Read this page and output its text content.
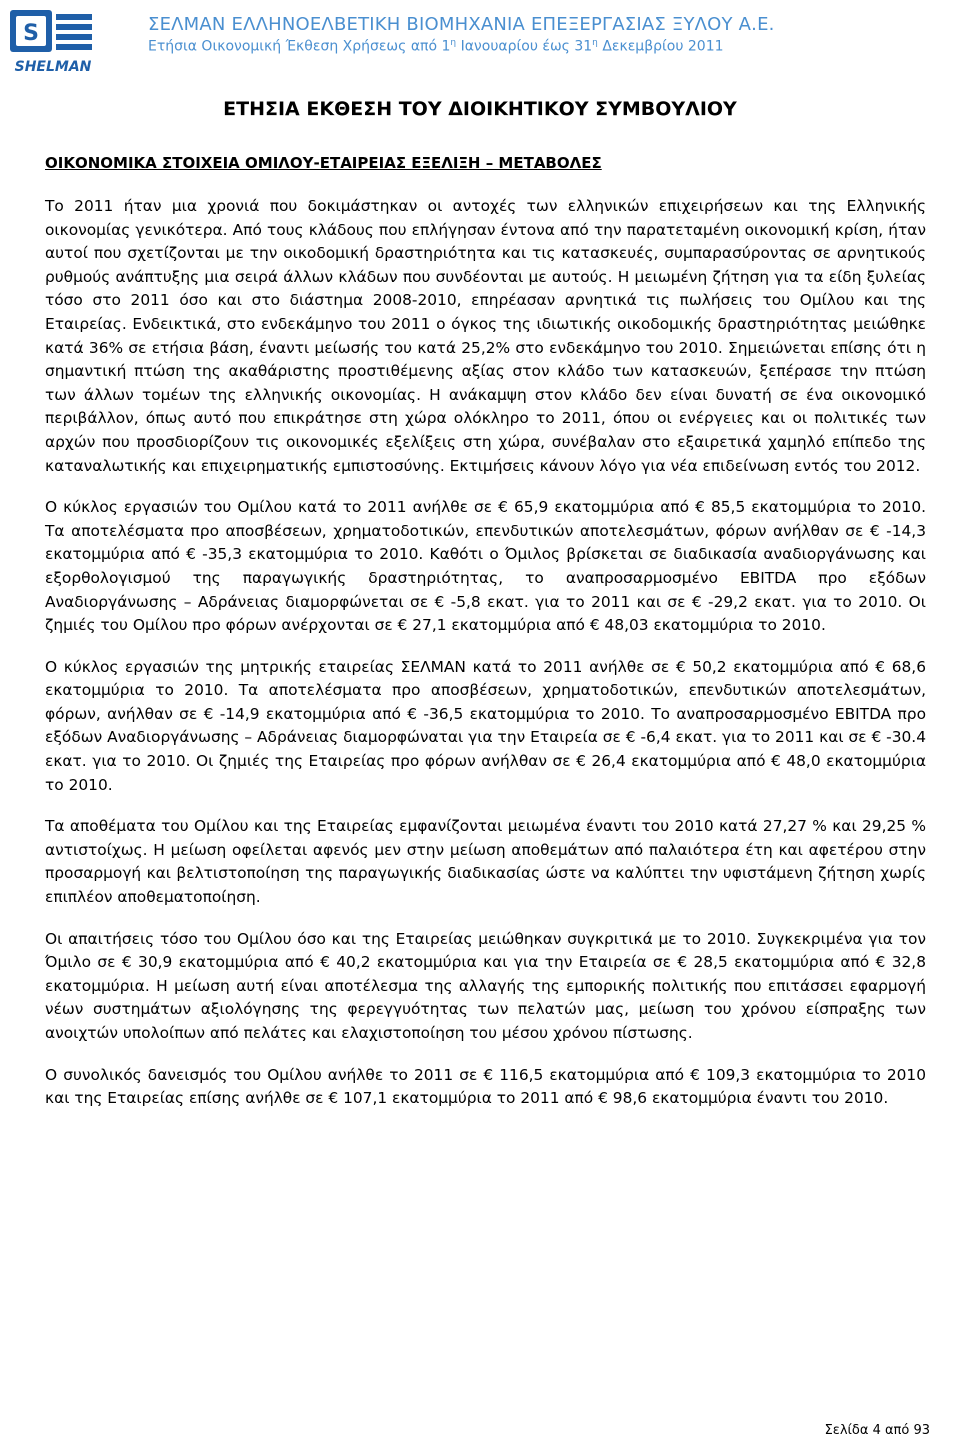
S
SHELMAN
ΣΕΛΜΑΝ ΕΛΛΗΝΟΕΛΒΕΤΙΚΗ ΒΙΟΜΗΧΑΝΙΑ ΕΠΕΞΕΡΓΑΣΙΑΣ ΞΥΛΟΥ Α.Ε.
Ετήσια Οικονομική Έκθεση Χρήσεως από $1^\eta$ Ιανουαρίου έως $31^\eta$ Δεκεμβρίου 2011
ΕΤΗΣΙΑ ΕΚΘΕΣΗ ΤΟΥ ΔΙΟΙΚΗΤΙΚΟΥ ΣΥΜΒΟΥΛΙΟΥ
ΟΙΚΟΝΟΜΙΚΑ ΣΤΟΙΧΕΙΑ ΟΜΙΛΟΥ-ΕΤΑΙΡΕΙΑΣ ΕΞΕΛΙΞΗ – ΜΕΤΑΒΟΛΕΣ

Το 2011 ήταν μια χρονιά που δοκιμάστηκαν οι αντοχές των ελληνικών επιχειρήσεων και της Ελληνικής οικονομίας γενικότερα. Από τους κλάδους που επλήγησαν έντονα από την παρατεταμένη οικονομική κρίση, ήταν αυτοί που σχετίζονται με την οικοδομική δραστηριότητα και τις κατασκευές, συμπαρασύροντας σε αρνητικούς ρυθμούς ανάπτυξης μια σειρά άλλων κλάδων που συνδέονται με αυτούς. Η μειωμένη ζήτηση για τα είδη ξυλείας τόσο στο 2011 όσο και στο διάστημα 2008-2010, επηρέασαν αρνητικά τις πωλήσεις του Ομίλου και της Εταιρείας. Ενδεικτικά, στο ενδεκάμηνο του 2011 ο όγκος της ιδιωτικής οικοδομικής δραστηριότητας μειώθηκε κατά 36% σε ετήσια βάση, έναντι μείωσής του κατά 25,2% στο ενδεκάμηνο του 2010. Σημειώνεται επίσης ότι η σημαντική πτώση της ακαθάριστης προστιθέμενης αξίας στον κλάδο των κατασκευών, ξεπέρασε την πτώση των άλλων τομέων της ελληνικής οικονομίας. Η ανάκαμψη στον κλάδο δεν είναι δυνατή σε ένα οικονομικό περιβάλλον, όπως αυτό που επικράτησε στη χώρα ολόκληρο το 2011, όπου οι ενέργειες και οι πολιτικές των αρχών που προσδιορίζουν τις οικονομικές εξελίξεις στη χώρα, συνέβαλαν στο εξαιρετικά χαμηλό επίπεδο της καταναλωτικής και επιχειρηματικής εμπιστοσύνης. Εκτιμήσεις κάνουν λόγο για νέα επιδείνωση εντός του 2012.

Ο κύκλος εργασιών του Ομίλου κατά το 2011 ανήλθε σε € 65,9 εκατομμύρια από € 85,5 εκατομμύρια το 2010. Τα αποτελέσματα προ αποσβέσεων, χρηματοδοτικών, επενδυτικών αποτελεσμάτων, φόρων ανήλθαν σε € -14,3 εκατομμύρια από € -35,3 εκατομμύρια το 2010. Καθότι ο Όμιλος βρίσκεται σε διαδικασία αναδιοργάνωσης και εξορθολογισμού της παραγωγικής δραστηριότητας, το αναπροσαρμοσμένο EBITDA προ εξόδων Αναδιοργάνωσης – Αδράνειας διαμορφώνεται σε € -5,8 εκατ. για το 2011 και σε € -29,2 εκατ. για το 2010. Οι ζημιές του Ομίλου προ φόρων ανέρχονται σε € 27,1 εκατομμύρια από € 48,03 εκατομμύρια το 2010.

Ο κύκλος εργασιών της μητρικής εταιρείας ΣΕΛΜΑΝ κατά το 2011 ανήλθε σε € 50,2 εκατομμύρια από € 68,6 εκατομμύρια το 2010. Τα αποτελέσματα προ αποσβέσεων, χρηματοδοτικών, επενδυτικών αποτελεσμάτων, φόρων, ανήλθαν σε € -14,9 εκατομμύρια από € -36,5 εκατομμύρια το 2010. Το αναπροσαρμοσμένο EBITDA προ εξόδων Αναδιοργάνωσης – Αδράνειας διαμορφώναται για την Εταιρεία σε € -6,4 εκατ. για το 2011 και σε € -30.4 εκατ. για το 2010. Οι ζημιές της Εταιρείας προ φόρων ανήλθαν σε € 26,4 εκατομμύρια από € 48,0 εκατομμύρια το 2010.

Τα αποθέματα του Ομίλου και της Εταιρείας εμφανίζονται μειωμένα έναντι του 2010 κατά 27,27 % και 29,25 % αντιστοίχως. Η μείωση οφείλεται αφενός μεν στην μείωση αποθεμάτων από παλαιότερα έτη και αφετέρου στην προσαρμογή και βελτιστοποίηση της παραγωγικής διαδικασίας ώστε να καλύπτει την υφιστάμενη ζήτηση χωρίς επιπλέον αποθεματοποίηση.

Οι απαιτήσεις τόσο του Ομίλου όσο και της Εταιρείας μειώθηκαν συγκριτικά με το 2010. Συγκεκριμένα για τον Όμιλο σε € 30,9 εκατομμύρια από € 40,2 εκατομμύρια και για την Εταιρεία σε € 28,5 εκατομμύρια από € 32,8 εκατομμύρια. Η μείωση αυτή είναι αποτέλεσμα της αλλαγής της εμπορικής πολιτικής που επιτάσσει εφαρμογή νέων συστημάτων αξιολόγησης της φερεγγυότητας των πελατών μας, μείωση του χρόνου είσπραξης των ανοιχτών υπολοίπων από πελάτες και ελαχιστοποίηση του μέσου χρόνου πίστωσης.

Ο συνολικός δανεισμός του Ομίλου ανήλθε το 2011 σε € 116,5 εκατομμύρια από € 109,3 εκατομμύρια το 2010 και της Εταιρείας επίσης ανήλθε σε € 107,1 εκατομμύρια το 2011 από € 98,6 εκατομμύρια έναντι του 2010.

Σελίδα 4 από 93
